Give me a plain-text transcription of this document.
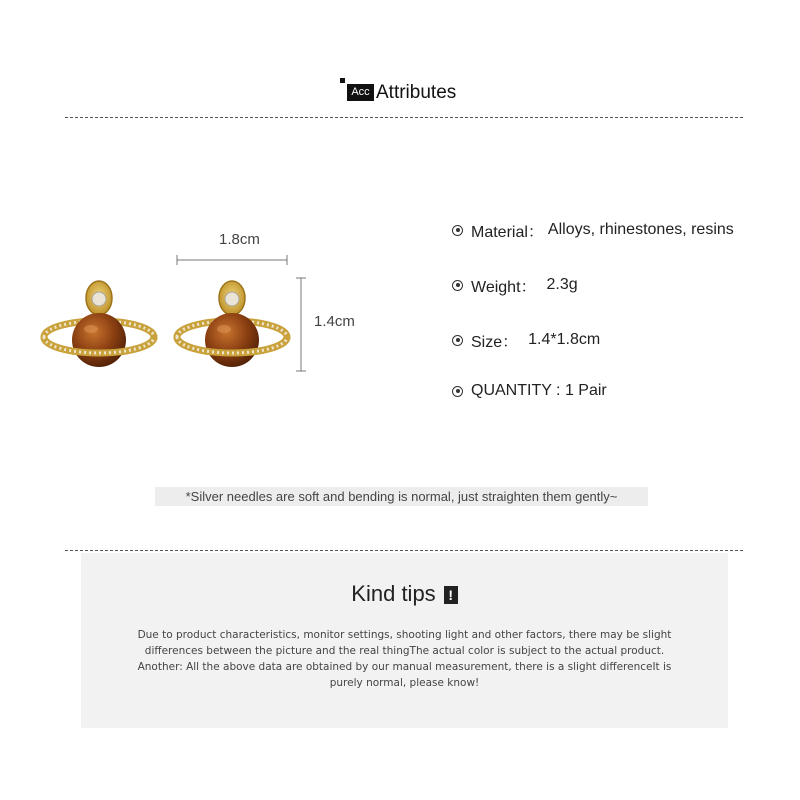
Acc Attributes
1.8cm
1.4cm
Material： Alloys, rhinestones, resins
Weight： 2.3g
Size： 1.4*1.8cm
QUANTITY : 1 Pair
*Silver needles are soft and bending is normal, just straighten them gently~
Kind tips !
Due to product characteristics, monitor settings, shooting light and other factors, there may be slight
differences between the picture and the real thingThe actual color is subject to the actual product.
Another: All the above data are obtained by our manual measurement, there is a slight differenceIt is
purely normal, please know!
